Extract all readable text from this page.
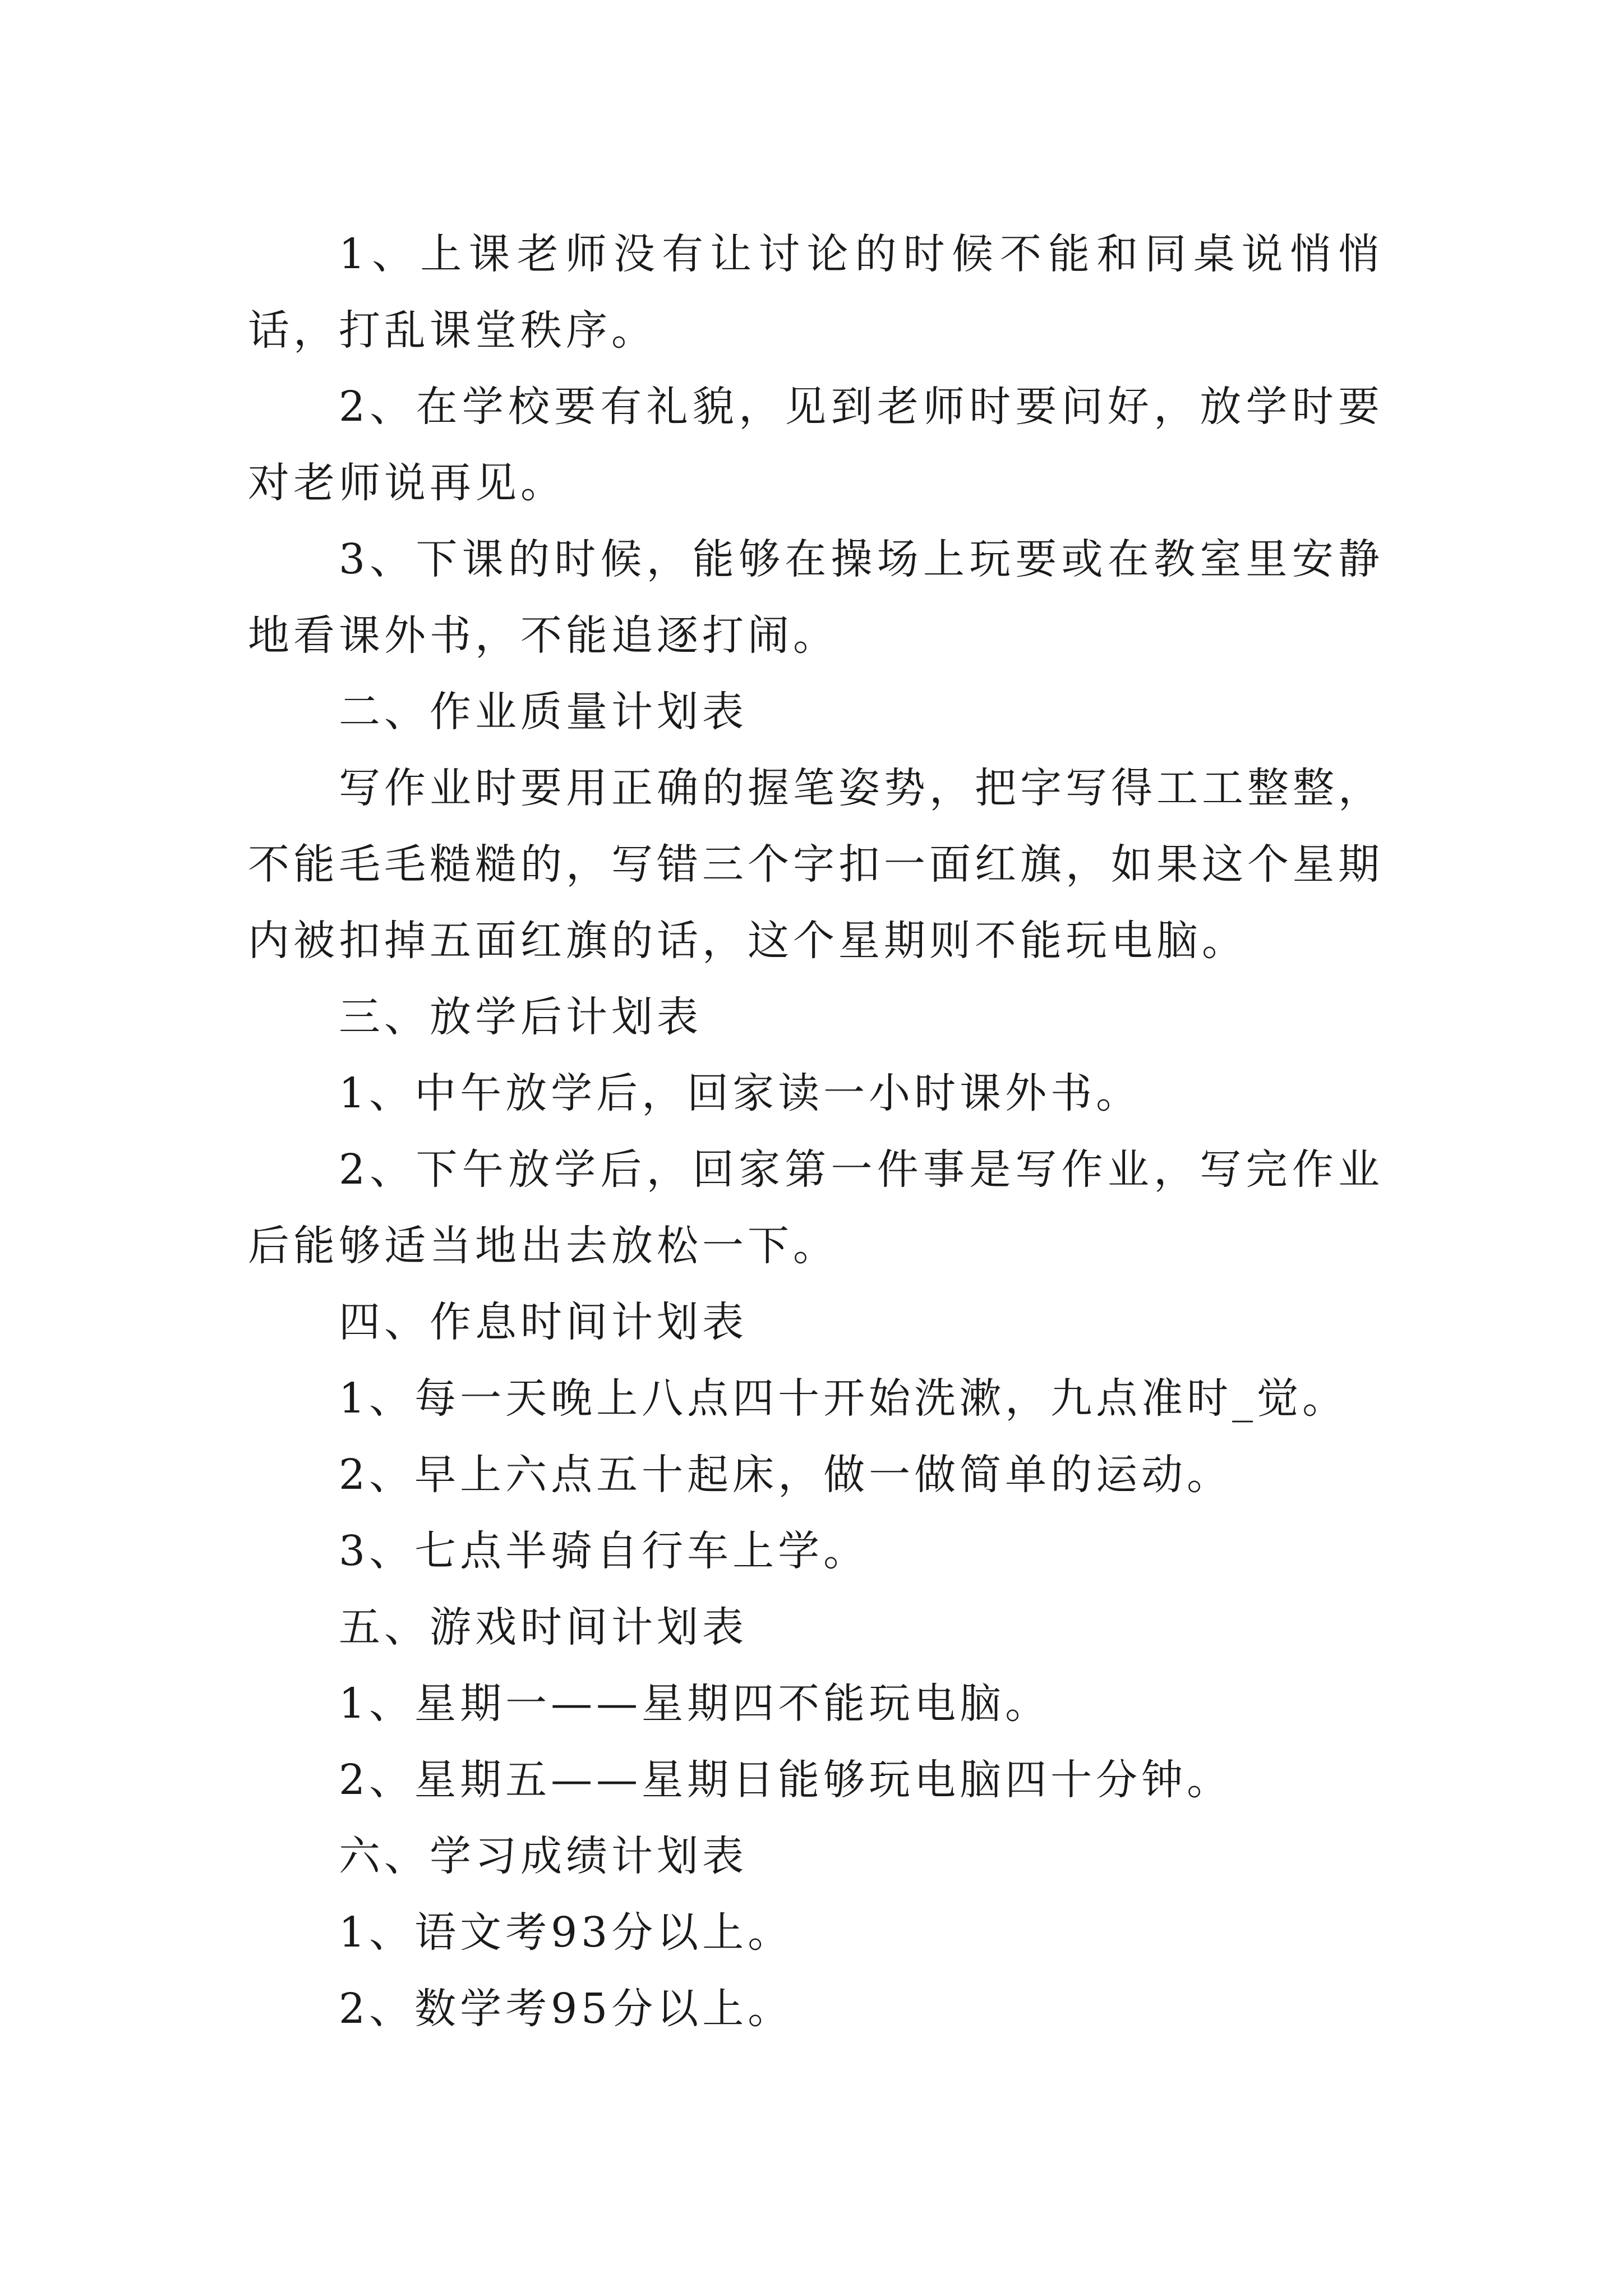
1、上课老师没有让讨论的时候不能和同桌说悄悄话，打乱课堂秩序。

2、在学校要有礼貌，见到老师时要问好，放学时要对老师说再见。

3、下课的时候，能够在操场上玩要或在教室里安静地看课外书，不能追逐打闹。

二、作业质量计划表

写作业时要用正确的握笔姿势，把字写得工工整整，不能毛毛糙糙的，写错三个字扣一面红旗，如果这个星期内被扣掉五面红旗的话，这个星期则不能玩电脑。

三、放学后计划表

1、中午放学后，回家读一小时课外书。

2、下午放学后，回家第一件事是写作业，写完作业后能够适当地出去放松一下。

四、作息时间计划表

1、每一天晚上八点四十开始洗漱，九点准时_觉。

2、早上六点五十起床，做一做简单的运动。

3、七点半骑自行车上学。

五、游戏时间计划表

1、星期一——星期四不能玩电脑。

2、星期五——星期日能够玩电脑四十分钟。

六、学习成绩计划表

1、语文考93分以上。

2、数学考95分以上。
